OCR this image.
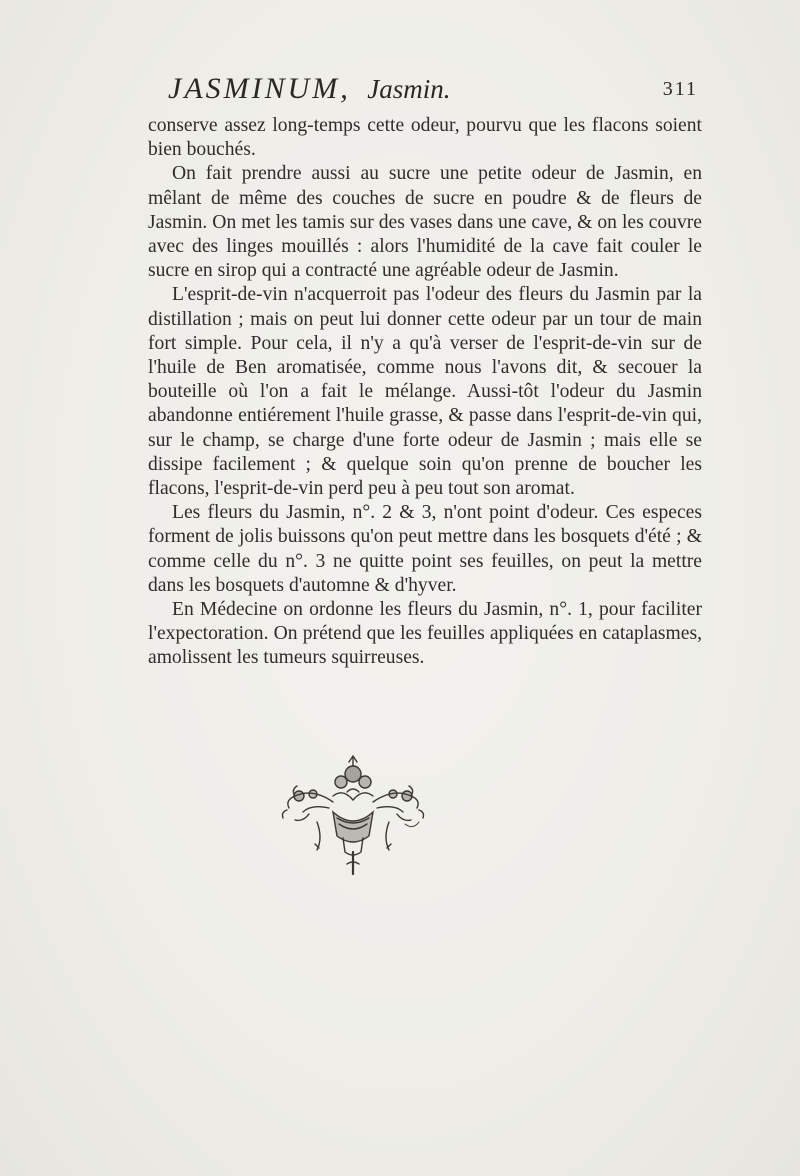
JASMINUM, Jasmin.	311

conserve assez long-temps cette odeur, pourvu que les flacons soient bien bouchés.

On fait prendre aussi au sucre une petite odeur de Jasmin, en mêlant de même des couches de sucre en poudre & de fleurs de Jasmin. On met les tamis sur des vases dans une cave, & on les couvre avec des linges mouillés : alors l'humidité de la cave fait couler le sucre en sirop qui a contracté une agréable odeur de Jasmin.

L'esprit-de-vin n'acquerroit pas l'odeur des fleurs du Jasmin par la distillation ; mais on peut lui donner cette odeur par un tour de main fort simple. Pour cela, il n'y a qu'à verser de l'esprit-de-vin sur de l'huile de Ben aromatisée, comme nous l'avons dit, & secouer la bouteille où l'on a fait le mélange. Aussi-tôt l'odeur du Jasmin abandonne entiérement l'huile grasse, & passe dans l'esprit-de-vin qui, sur le champ, se charge d'une forte odeur de Jasmin ; mais elle se dissipe facilement ; & quelque soin qu'on prenne de boucher les flacons, l'esprit-de-vin perd peu à peu tout son aromat.

Les fleurs du Jasmin, n°. 2 & 3, n'ont point d'odeur. Ces especes forment de jolis buissons qu'on peut mettre dans les bosquets d'été ; & comme celle du n°. 3 ne quitte point ses feuilles, on peut la mettre dans les bosquets d'automne & d'hyver.

En Médecine on ordonne les fleurs du Jasmin, n°. 1, pour faciliter l'expectoration. On prétend que les feuilles appliquées en cataplasmes, amolissent les tumeurs squirreuses.
